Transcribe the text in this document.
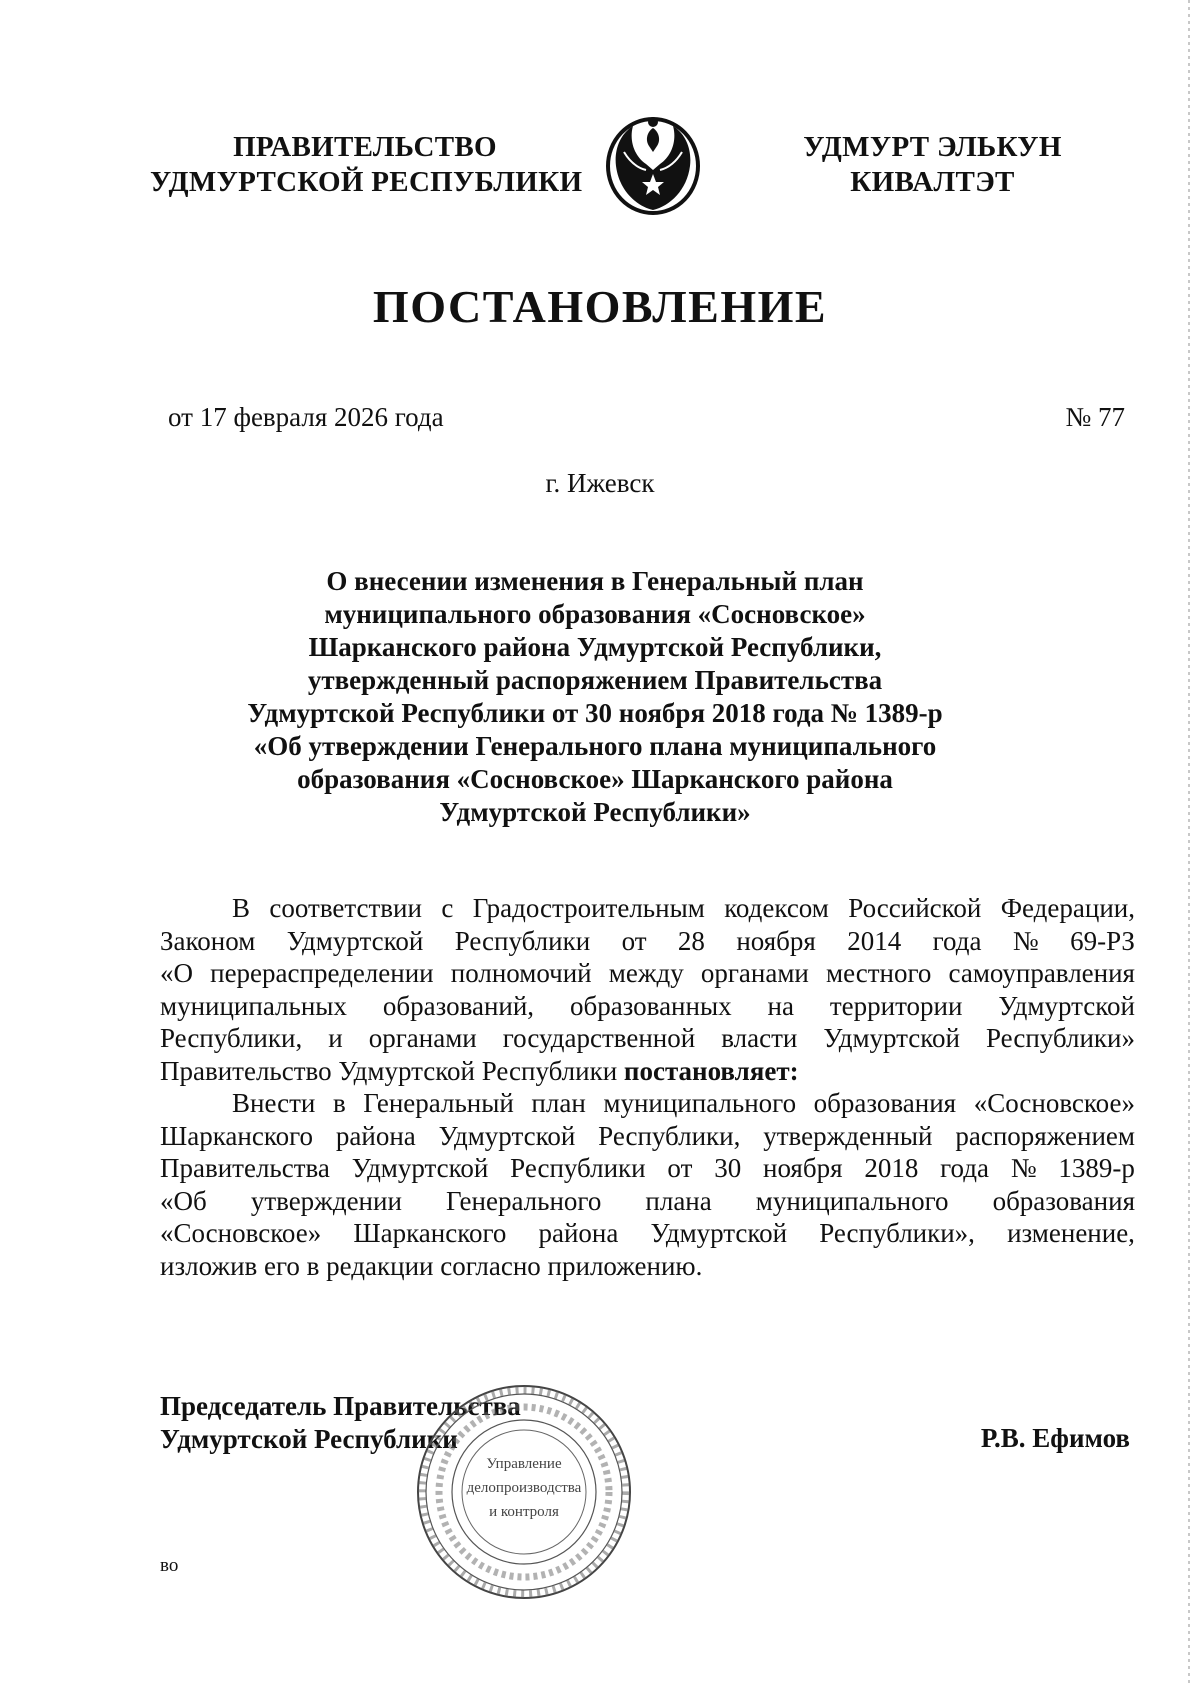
ПРАВИТЕЛЬСТВО
УДМУРТСКОЙ РЕСПУБЛИКИ
УДМУРТ ЭЛЬКУН
КИВАЛТЭТ
ПОСТАНОВЛЕНИЕ
от 17 февраля 2026 года	№ 77
г. Ижевск
О внесении изменения в Генеральный план
муниципального образования «Сосновское»
Шарканского района Удмуртской Республики,
утвержденный распоряжением Правительства
Удмуртской Республики от 30 ноября 2018 года № 1389-р
«Об утверждении Генерального плана муниципального
образования «Сосновское» Шарканского района
Удмуртской Республики»
В соответствии с Градостроительным кодексом Российской Федерации,
Законом Удмуртской Республики от 28 ноября 2014 года № 69-РЗ
«О перераспределении полномочий между органами местного самоуправления
муниципальных образований, образованных на территории Удмуртской
Республики, и органами государственной власти Удмуртской Республики»
Правительство Удмуртской Республики
постановляет:
Внести в Генеральный план муниципального образования «Сосновское»
Шарканского района Удмуртской Республики, утвержденный распоряжением
Правительства Удмуртской Республики от 30 ноября 2018 года № 1389-р
«Об утверждении Генерального плана муниципального образования
«Сосновское» Шарканского района Удмуртской Республики», изменение,
изложив его в редакции согласно приложению.
Председатель Правительства
Удмуртской Республики	Р.В. Ефимов
Управление
делопроизводства
и контроля
во
